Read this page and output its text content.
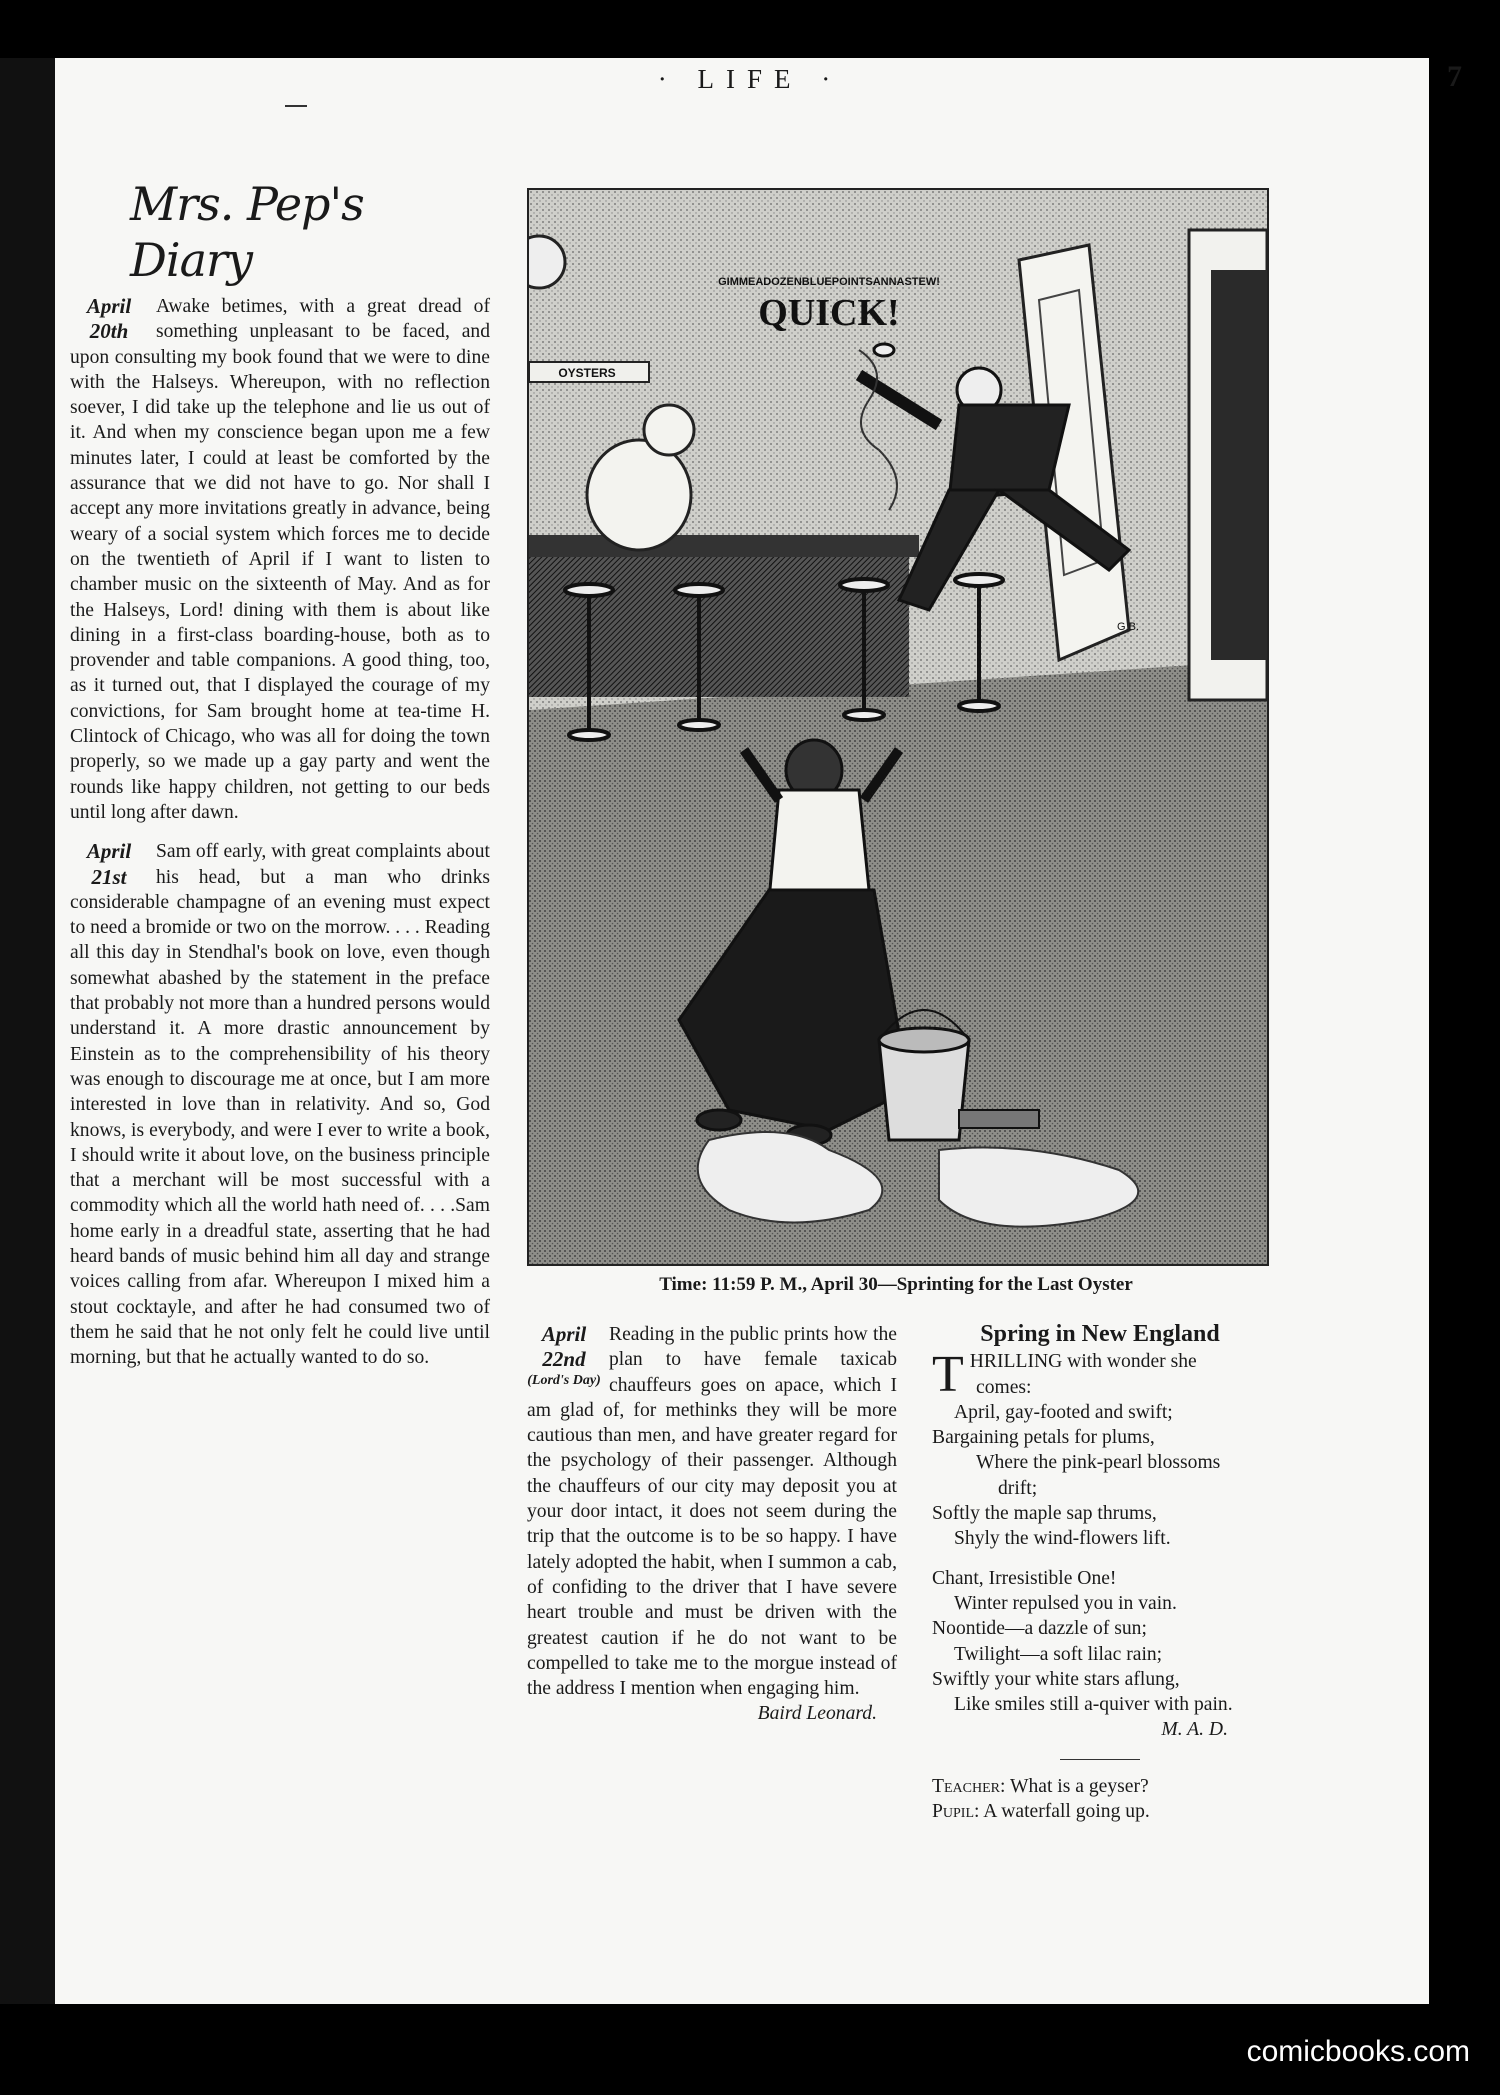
· LIFE ·	7
Mrs. Pep's Diary
April 20th

Awake betimes, with a great dread of something unpleasant to be faced, and upon consulting my book found that we were to dine with the Halseys. Whereupon, with no reflection soever, I did take up the telephone and lie us out of it. And when my conscience began upon me a few minutes later, I could at least be comforted by the assurance that we did not have to go. Nor shall I accept any more invitations greatly in advance, being weary of a social system which forces me to decide on the twentieth of April if I want to listen to chamber music on the sixteenth of May. And as for the Halseys, Lord! dining with them is about like dining in a first-class boarding-house, both as to provender and table companions. A good thing, too, as it turned out, that I displayed the courage of my convictions, for Sam brought home at tea-time H. Clintock of Chicago, who was all for doing the town properly, so we made up a gay party and went the rounds like happy children, not getting to our beds until long after dawn.

April 21st

Sam off early, with great complaints about his head, but a man who drinks considerable champagne of an evening must expect to need a bromide or two on the morrow. . . . Reading all this day in Stendhal's book on love, even though somewhat abashed by the statement in the preface that probably not more than a hundred persons would understand it. A more drastic announcement by Einstein as to the comprehensibility of his theory was enough to discourage me at once, but I am more interested in love than in relativity. And so, God knows, is everybody, and were I ever to write a book, I should write it about love, on the business principle that a merchant will be most successful with a commodity which all the world hath need of. . . .Sam home early in a dreadful state, asserting that he had heard bands of music behind him all day and strange voices calling from afar. Whereupon I mixed him a stout cocktayle, and after he had consumed two of them he said that he not only felt he could live until morning, but that he actually wanted to do so.

OYSTERS
GIMMEADOZENBLUEPOINTSANNASTEW!
QUICK!
G.B.
Time: 11:59 P. M., April 30—Sprinting for the Last Oyster
April 22nd
(Lord's Day)

Reading in the public prints how the plan to have female taxicab chauffeurs goes on apace, which I am glad of, for methinks they will be more cautious than men, and have greater regard for the psychology of their passenger. Although the chauffeurs of our city may deposit you at your door intact, it does not seem during the trip that the outcome is to be so happy. I have lately adopted the habit, when I summon a cab, of confiding to the driver that I have severe heart trouble and must be driven with the greatest caution if he do not want to be compelled to take me to the morgue instead of the address I mention when engaging him.

Baird Leonard.
Spring in New England

THRILLING with wonder she

comes:

April, gay-footed and swift;

Bargaining petals for plums,

Where the pink-pearl blossoms

drift;

Softly the maple sap thrums,

Shyly the wind-flowers lift.

Chant, Irresistible One!

Winter repulsed you in vain.

Noontide—a dazzle of sun;

Twilight—a soft lilac rain;

Swiftly your white stars aflung,

Like smiles still a-quiver with pain.

M. A. D.

Teacher: What is a geyser?

Pupil: A waterfall going up.

comicbooks.com
